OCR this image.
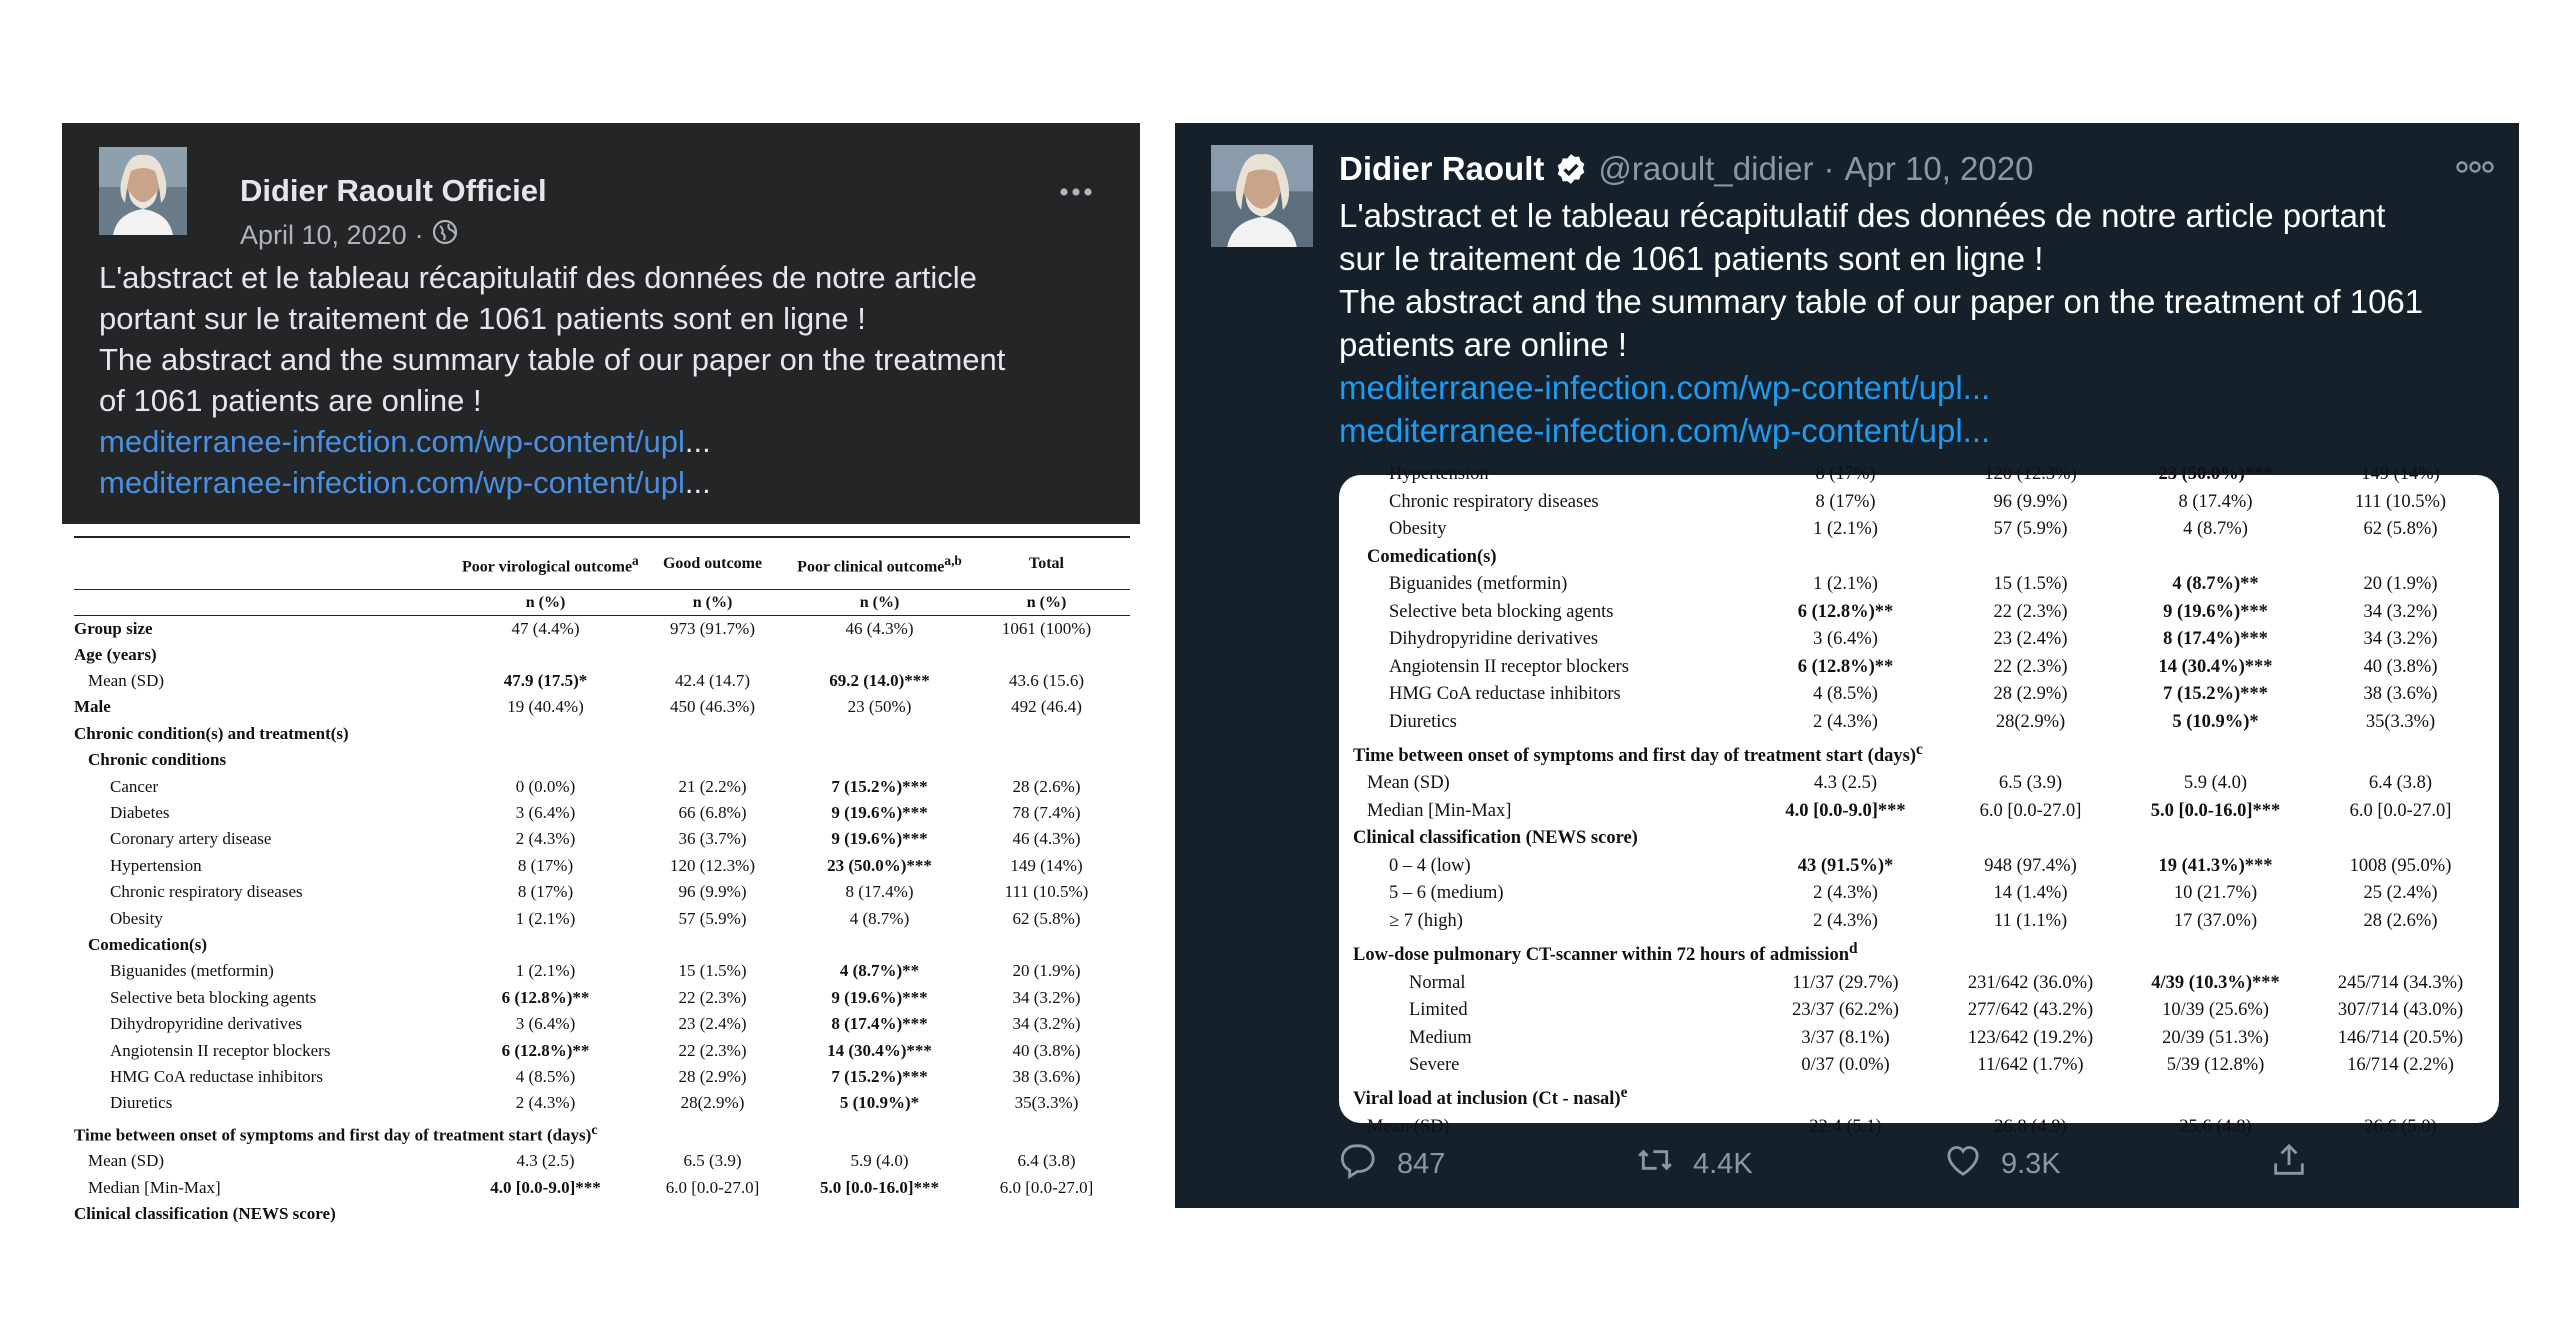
Didier Raoult Officiel
April 10, 2020 ·
L'abstract et le tableau récapitulatif des données de notre article
portant sur le traitement de 1061 patients sont en ligne !
The abstract and the summary table of our paper on the treatment
of 1061 patients are online !
mediterranee-infection.com/wp-content/upl...
mediterranee-infection.com/wp-content/upl...
	Poor virological outcome$^a$	Good outcome	Poor clinical outcome$^{a,b}$	Total
	n (%)	n (%)	n (%)	n (%)
Group size	47 (4.4%)	973 (91.7%)	46 (4.3%)	1061 (100%)
Age (years)				
Mean (SD)	47.9 (17.5)*	42.4 (14.7)	69.2 (14.0)***	43.6 (15.6)
Male	19 (40.4%)	450 (46.3%)	23 (50%)	492 (46.4)
Chronic condition(s) and treatment(s)				
Chronic conditions				
Cancer	0 (0.0%)	21 (2.2%)	7 (15.2%)***	28 (2.6%)
Diabetes	3 (6.4%)	66 (6.8%)	9 (19.6%)***	78 (7.4%)
Coronary artery disease	2 (4.3%)	36 (3.7%)	9 (19.6%)***	46 (4.3%)
Hypertension	8 (17%)	120 (12.3%)	23 (50.0%)***	149 (14%)
Chronic respiratory diseases	8 (17%)	96 (9.9%)	8 (17.4%)	111 (10.5%)
Obesity	1 (2.1%)	57 (5.9%)	4 (8.7%)	62 (5.8%)
Comedication(s)				
Biguanides (metformin)	1 (2.1%)	15 (1.5%)	4 (8.7%)**	20 (1.9%)
Selective beta blocking agents	6 (12.8%)**	22 (2.3%)	9 (19.6%)***	34 (3.2%)
Dihydropyridine derivatives	3 (6.4%)	23 (2.4%)	8 (17.4%)***	34 (3.2%)
Angiotensin II receptor blockers	6 (12.8%)**	22 (2.3%)	14 (30.4%)***	40 (3.8%)
HMG CoA reductase inhibitors	4 (8.5%)	28 (2.9%)	7 (15.2%)***	38 (3.6%)
Diuretics	2 (4.3%)	28(2.9%)	5 (10.9%)*	35(3.3%)
Time between onset of symptoms and first day of treatment start (days)$^c$
Mean (SD)	4.3 (2.5)	6.5 (3.9)	5.9 (4.0)	6.4 (3.8)
Median [Min-Max]	4.0 [0.0-9.0]***	6.0 [0.0-27.0]	5.0 [0.0-16.0]***	6.0 [0.0-27.0]
Clinical classification (NEWS score)				
Didier Raoult @raoult_didier · Apr 10, 2020
L'abstract et le tableau récapitulatif des données de notre article portant
sur le traitement de 1061 patients sont en ligne !
The abstract and the summary table of our paper on the treatment of 1061
patients are online !
mediterranee-infection.com/wp-content/upl...
mediterranee-infection.com/wp-content/upl...
Hypertension	8 (17%)	120 (12.3%)	23 (50.0%)***	149 (14%)
Chronic respiratory diseases	8 (17%)	96 (9.9%)	8 (17.4%)	111 (10.5%)
Obesity	1 (2.1%)	57 (5.9%)	4 (8.7%)	62 (5.8%)
Comedication(s)				
Biguanides (metformin)	1 (2.1%)	15 (1.5%)	4 (8.7%)**	20 (1.9%)
Selective beta blocking agents	6 (12.8%)**	22 (2.3%)	9 (19.6%)***	34 (3.2%)
Dihydropyridine derivatives	3 (6.4%)	23 (2.4%)	8 (17.4%)***	34 (3.2%)
Angiotensin II receptor blockers	6 (12.8%)**	22 (2.3%)	14 (30.4%)***	40 (3.8%)
HMG CoA reductase inhibitors	4 (8.5%)	28 (2.9%)	7 (15.2%)***	38 (3.6%)
Diuretics	2 (4.3%)	28(2.9%)	5 (10.9%)*	35(3.3%)
Time between onset of symptoms and first day of treatment start (days)$^c$
Mean (SD)	4.3 (2.5)	6.5 (3.9)	5.9 (4.0)	6.4 (3.8)
Median [Min-Max]	4.0 [0.0-9.0]***	6.0 [0.0-27.0]	5.0 [0.0-16.0]***	6.0 [0.0-27.0]
Clinical classification (NEWS score)				
0 – 4 (low)	43 (91.5%)*	948 (97.4%)	19 (41.3%)***	1008 (95.0%)
5 – 6 (medium)	2 (4.3%)	14 (1.4%)	10 (21.7%)	25 (2.4%)
≥ 7 (high)	2 (4.3%)	11 (1.1%)	17 (37.0%)	28 (2.6%)
Low-dose pulmonary CT-scanner within 72 hours of admission$^d$
Normal	11/37 (29.7%)	231/642 (36.0%)	4/39 (10.3%)***	245/714 (34.3%)
Limited	23/37 (62.2%)	277/642 (43.2%)	10/39 (25.6%)	307/714 (43.0%)
Medium	3/37 (8.1%)	123/642 (19.2%)	20/39 (51.3%)	146/714 (20.5%)
Severe	0/37 (0.0%)	11/642 (1.7%)	5/39 (12.8%)	16/714 (2.2%)
Viral load at inclusion (Ct - nasal)$^e$				
Mean (SD)	22.4 (5.1)	26.8 (4.9)	25.6 (4.8)	26.6 (5.0)
847	4.4K	9.3K
